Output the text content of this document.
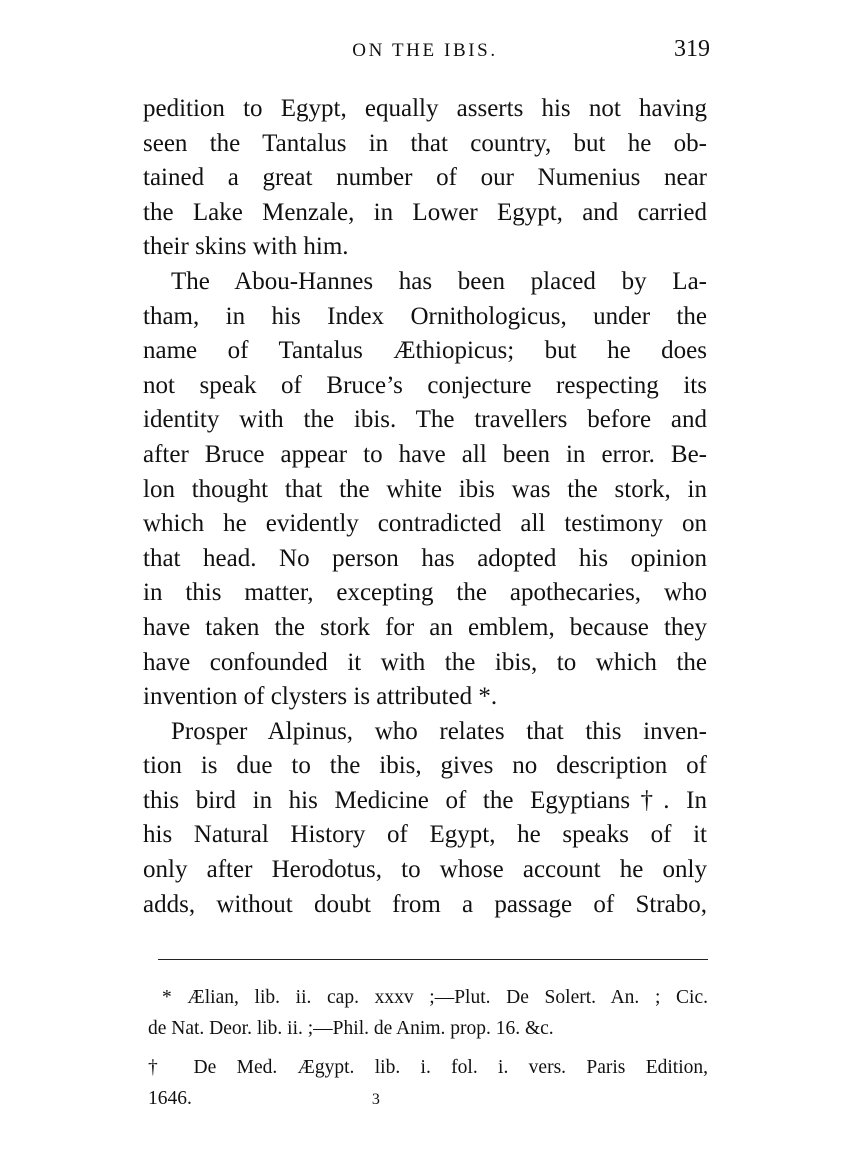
ON THE IBIS.	319
pedition to Egypt, equally asserts his not having
seen the Tantalus in that country, but he ob-
tained a great number of our Numenius near
the Lake Menzale, in Lower Egypt, and carried
their skins with him.
The Abou-Hannes has been placed by La-
tham, in his Index Ornithologicus, under the
name of Tantalus Æthiopicus; but he does
not speak of Bruce’s conjecture respecting its
identity with the ibis. The travellers before and
after Bruce appear to have all been in error. Be-
lon thought that the white ibis was the stork, in
which he evidently contradicted all testimony on
that head. No person has adopted his opinion
in this matter, excepting the apothecaries, who
have taken the stork for an emblem, because they
have confounded it with the ibis, to which the
invention of clysters is attributed *.
Prosper Alpinus, who relates that this inven-
tion is due to the ibis, gives no description of
this bird in his Medicine of the Egyptians†. In
his Natural History of Egypt, he speaks of it
only after Herodotus, to whose account he only
adds, without doubt from a passage of Strabo,
* Ælian, lib. ii. cap. xxxv ;—Plut. De Solert. An. ; Cic.
de Nat. Deor. lib. ii. ;—Phil. de Anim. prop. 16. &c.
† De Med. Ægypt. lib. i. fol. i. vers. Paris Edition,
1646.	3
